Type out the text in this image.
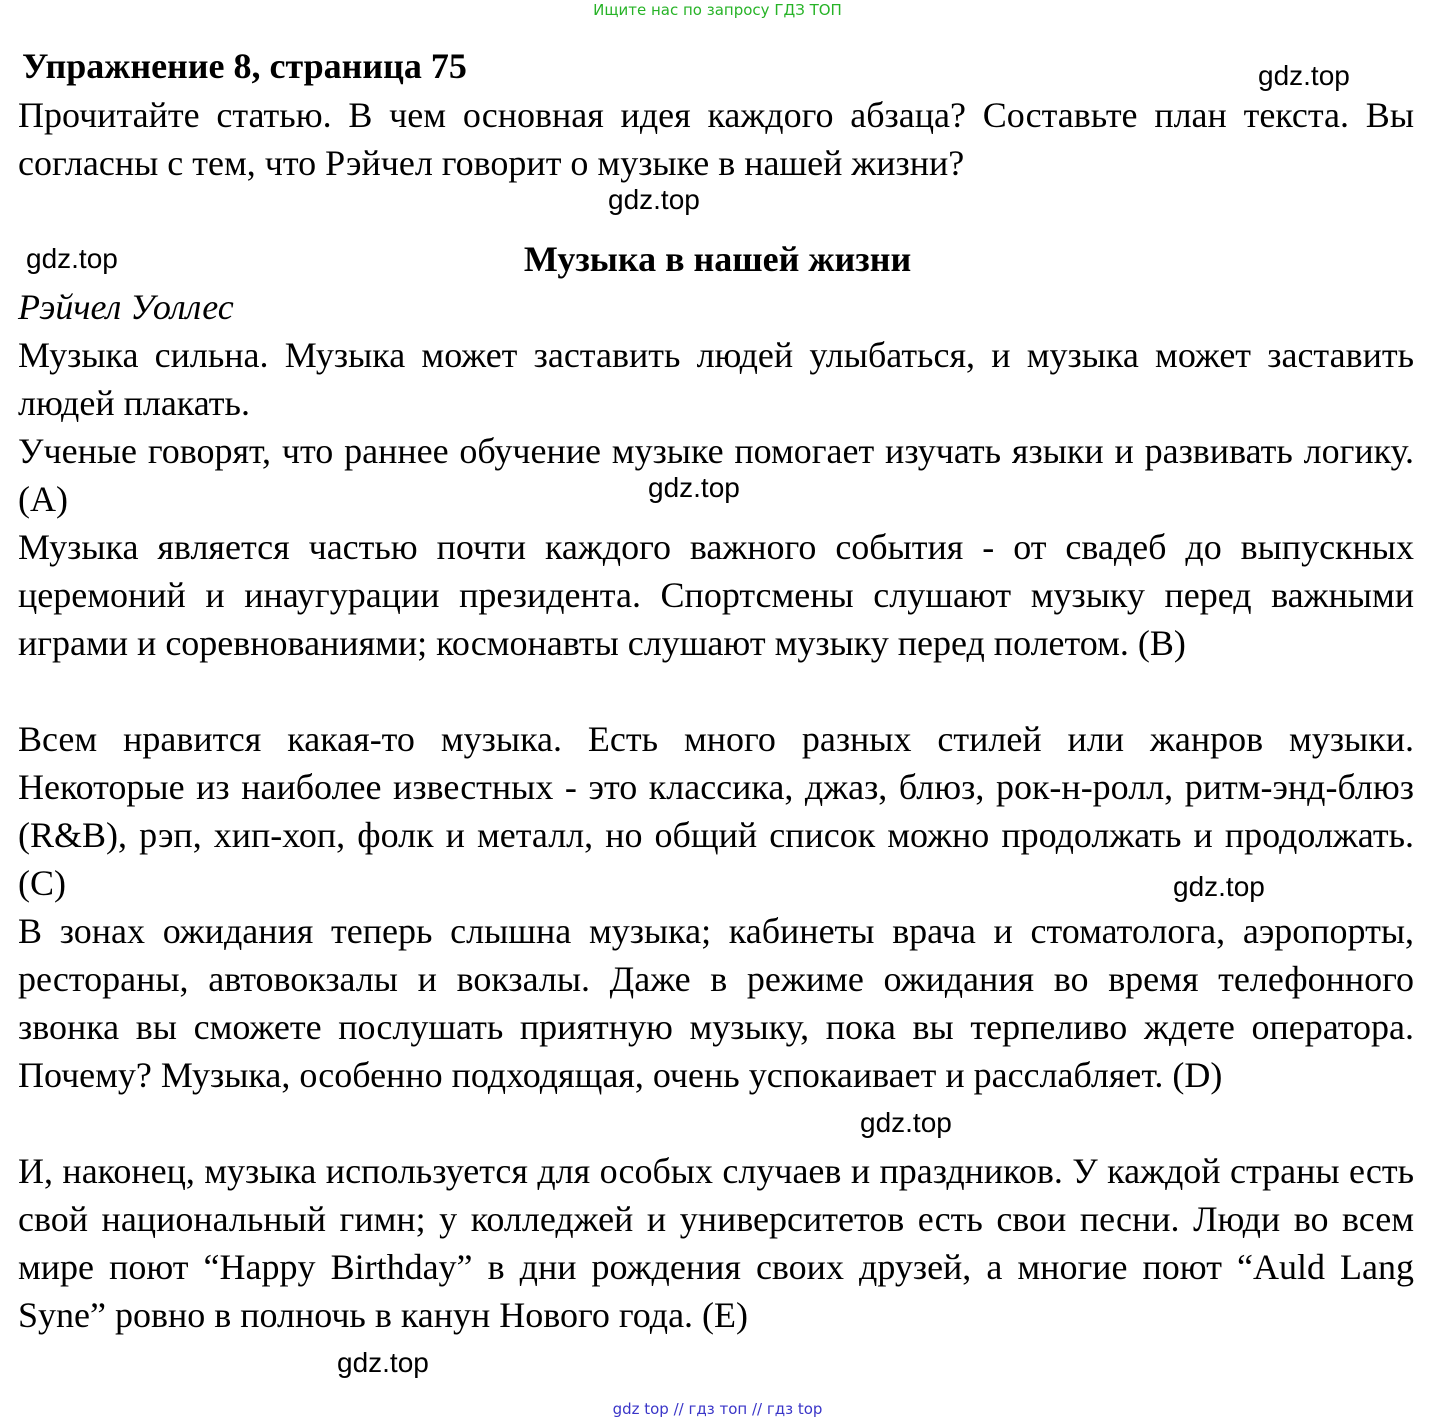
Ищите нас по запросу ГДЗ ТОП
Упражнение 8, страница 75

Прочитайте статью. В чем основная идея каждого абзаца? Составьте план текста. Вы согласны с тем, что Рэйчел говорит о музыке в нашей жизни?

Музыка в нашей жизни
Рэйчел Уоллес

Музыка сильна. Музыка может заставить людей улыбаться, и музыка может заставить людей плакать.

Ученые говорят, что раннее обучение музыке помогает изучать языки и развивать логику. (A)

Музыка является частью почти каждого важного события - от свадеб до выпускных церемоний и инаугурации президента. Спортсмены слушают музыку перед важными играми и соревнованиями; космонавты слушают музыку перед полетом. (B)

Всем нравится какая-то музыка. Есть много разных стилей или жанров музыки. Некоторые из наиболее известных - это классика, джаз, блюз, рок-н-ролл, ритм-энд-блюз (R&B), рэп, хип-хоп, фолк и металл, но общий список можно продолжать и продолжать. (C)

В зонах ожидания теперь слышна музыка; кабинеты врача и стоматолога, аэропорты, рестораны, автовокзалы и вокзалы. Даже в режиме ожидания во время телефонного звонка вы сможете послушать приятную музыку, пока вы терпеливо ждете оператора. Почему? Музыка, особенно подходящая, очень успокаивает и расслабляет. (D)

И, наконец, музыка используется для особых случаев и праздников. У каждой страны есть свой национальный гимн; у колледжей и университетов есть свои песни. Люди во всем мире поют “Happy Birthday” в дни рождения своих друзей, а многие поют “Auld Lang Syne” ровно в полночь в канун Нового года. (E)

gdz.top
gdz.top
gdz.top
gdz.top
gdz.top
gdz.top
gdz.top
gdz top // гдз топ // гдз top
